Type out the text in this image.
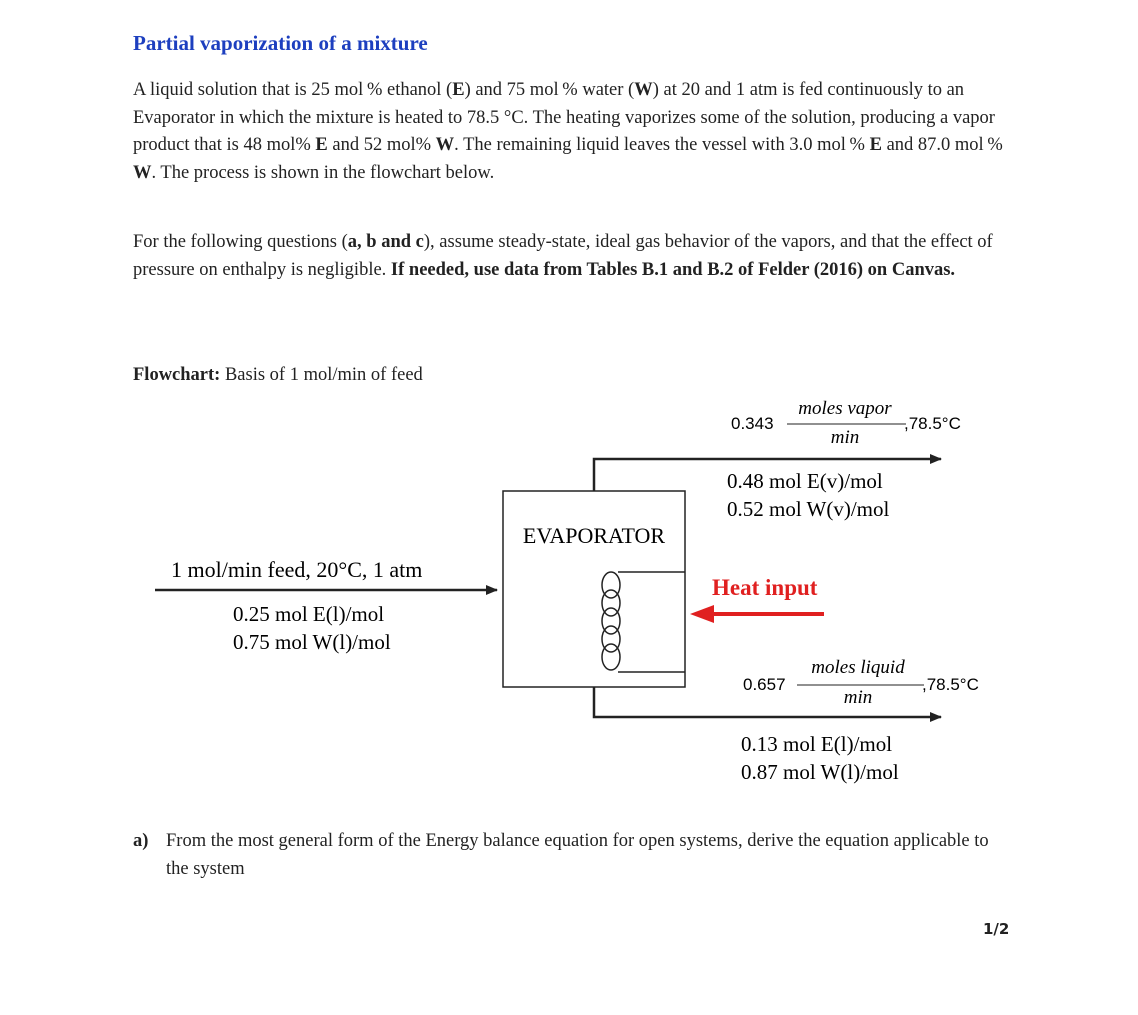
Partial vaporization of a mixture

A liquid solution that is 25 mol % ethanol (E) and 75 mol % water (W) at 20 and 1 atm is fed continuously to an Evaporator in which the mixture is heated to 78.5 °C. The heating vaporizes some of the solution, producing a vapor product that is 48 mol% E and 52 mol% W. The remaining liquid leaves the vessel with 3.0 mol % E and 87.0 mol % W. The process is shown in the flowchart below.

For the following questions (a, b and c), assume steady-state, ideal gas behavior of the vapors, and that the effect of pressure on enthalpy is negligible. If needed, use data from Tables B.1 and B.2 of Felder (2016) on Canvas.

Flowchart: Basis of 1 mol/min of feed
EVAPORATOR
1 mol/min feed, 20°C, 1 atm
0.25 mol E(l)/mol
0.75 mol W(l)/mol
0.343
moles vapor
min
,78.5°C
0.48 mol E(v)/mol
0.52 mol W(v)/mol
Heat input
0.657
moles liquid
min
,78.5°C
0.13 mol E(l)/mol
0.87 mol W(l)/mol
a) From the most general form of the Energy balance equation for open systems, derive the equation applicable to the system
1/2
